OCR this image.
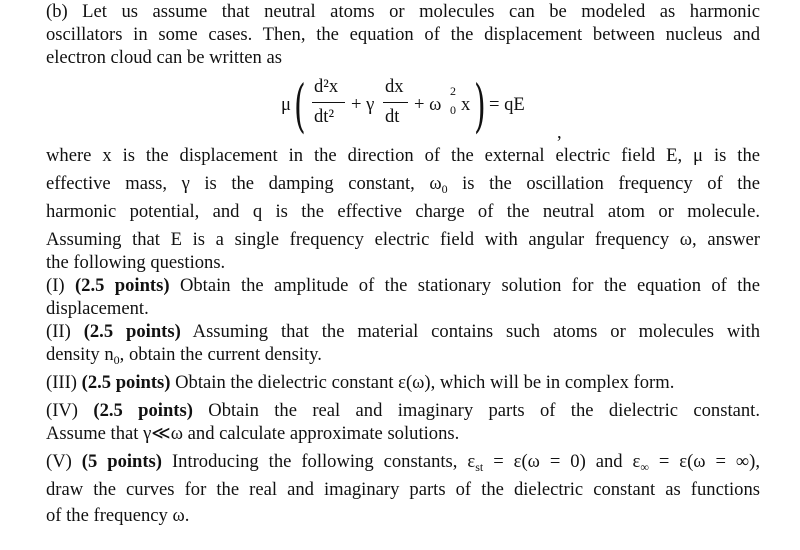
(b) Let us assume that neutral atoms or molecules can be modeled as harmonic
oscillators in some cases. Then, the equation of the displacement between nucleus and
electron cloud can be written as
μ ( d²x
dt²
+ γ
dx
dt
+ ω 0
2
x ) = qE
,
where x is the displacement in the direction of the external electric field E, μ is the
effective mass, γ is the damping constant, $\omega_0$ is the oscillation frequency of the
harmonic potential, and q is the effective charge of the neutral atom or molecule.
Assuming that E is a single frequency electric field with angular frequency ω, answer
the following questions.
(I) (2.5 points) Obtain the amplitude of the stationary solution for the equation of the
displacement.
(II) (2.5 points) Assuming that the material contains such atoms or molecules with
density $n_0$, obtain the current density.
(III) (2.5 points) Obtain the dielectric constant ε(ω), which will be in complex form.
(IV) (2.5 points) Obtain the real and imaginary parts of the dielectric constant.
Assume that γ≪ω and calculate approximate solutions.
(V) (5 points) Introducing the following constants, $\varepsilon_{st} = \varepsilon(\omega = 0)$ and $\varepsilon_\infty = \varepsilon(\omega$ = ∞),
draw the curves for the real and imaginary parts of the dielectric constant as functions
of the frequency ω.
